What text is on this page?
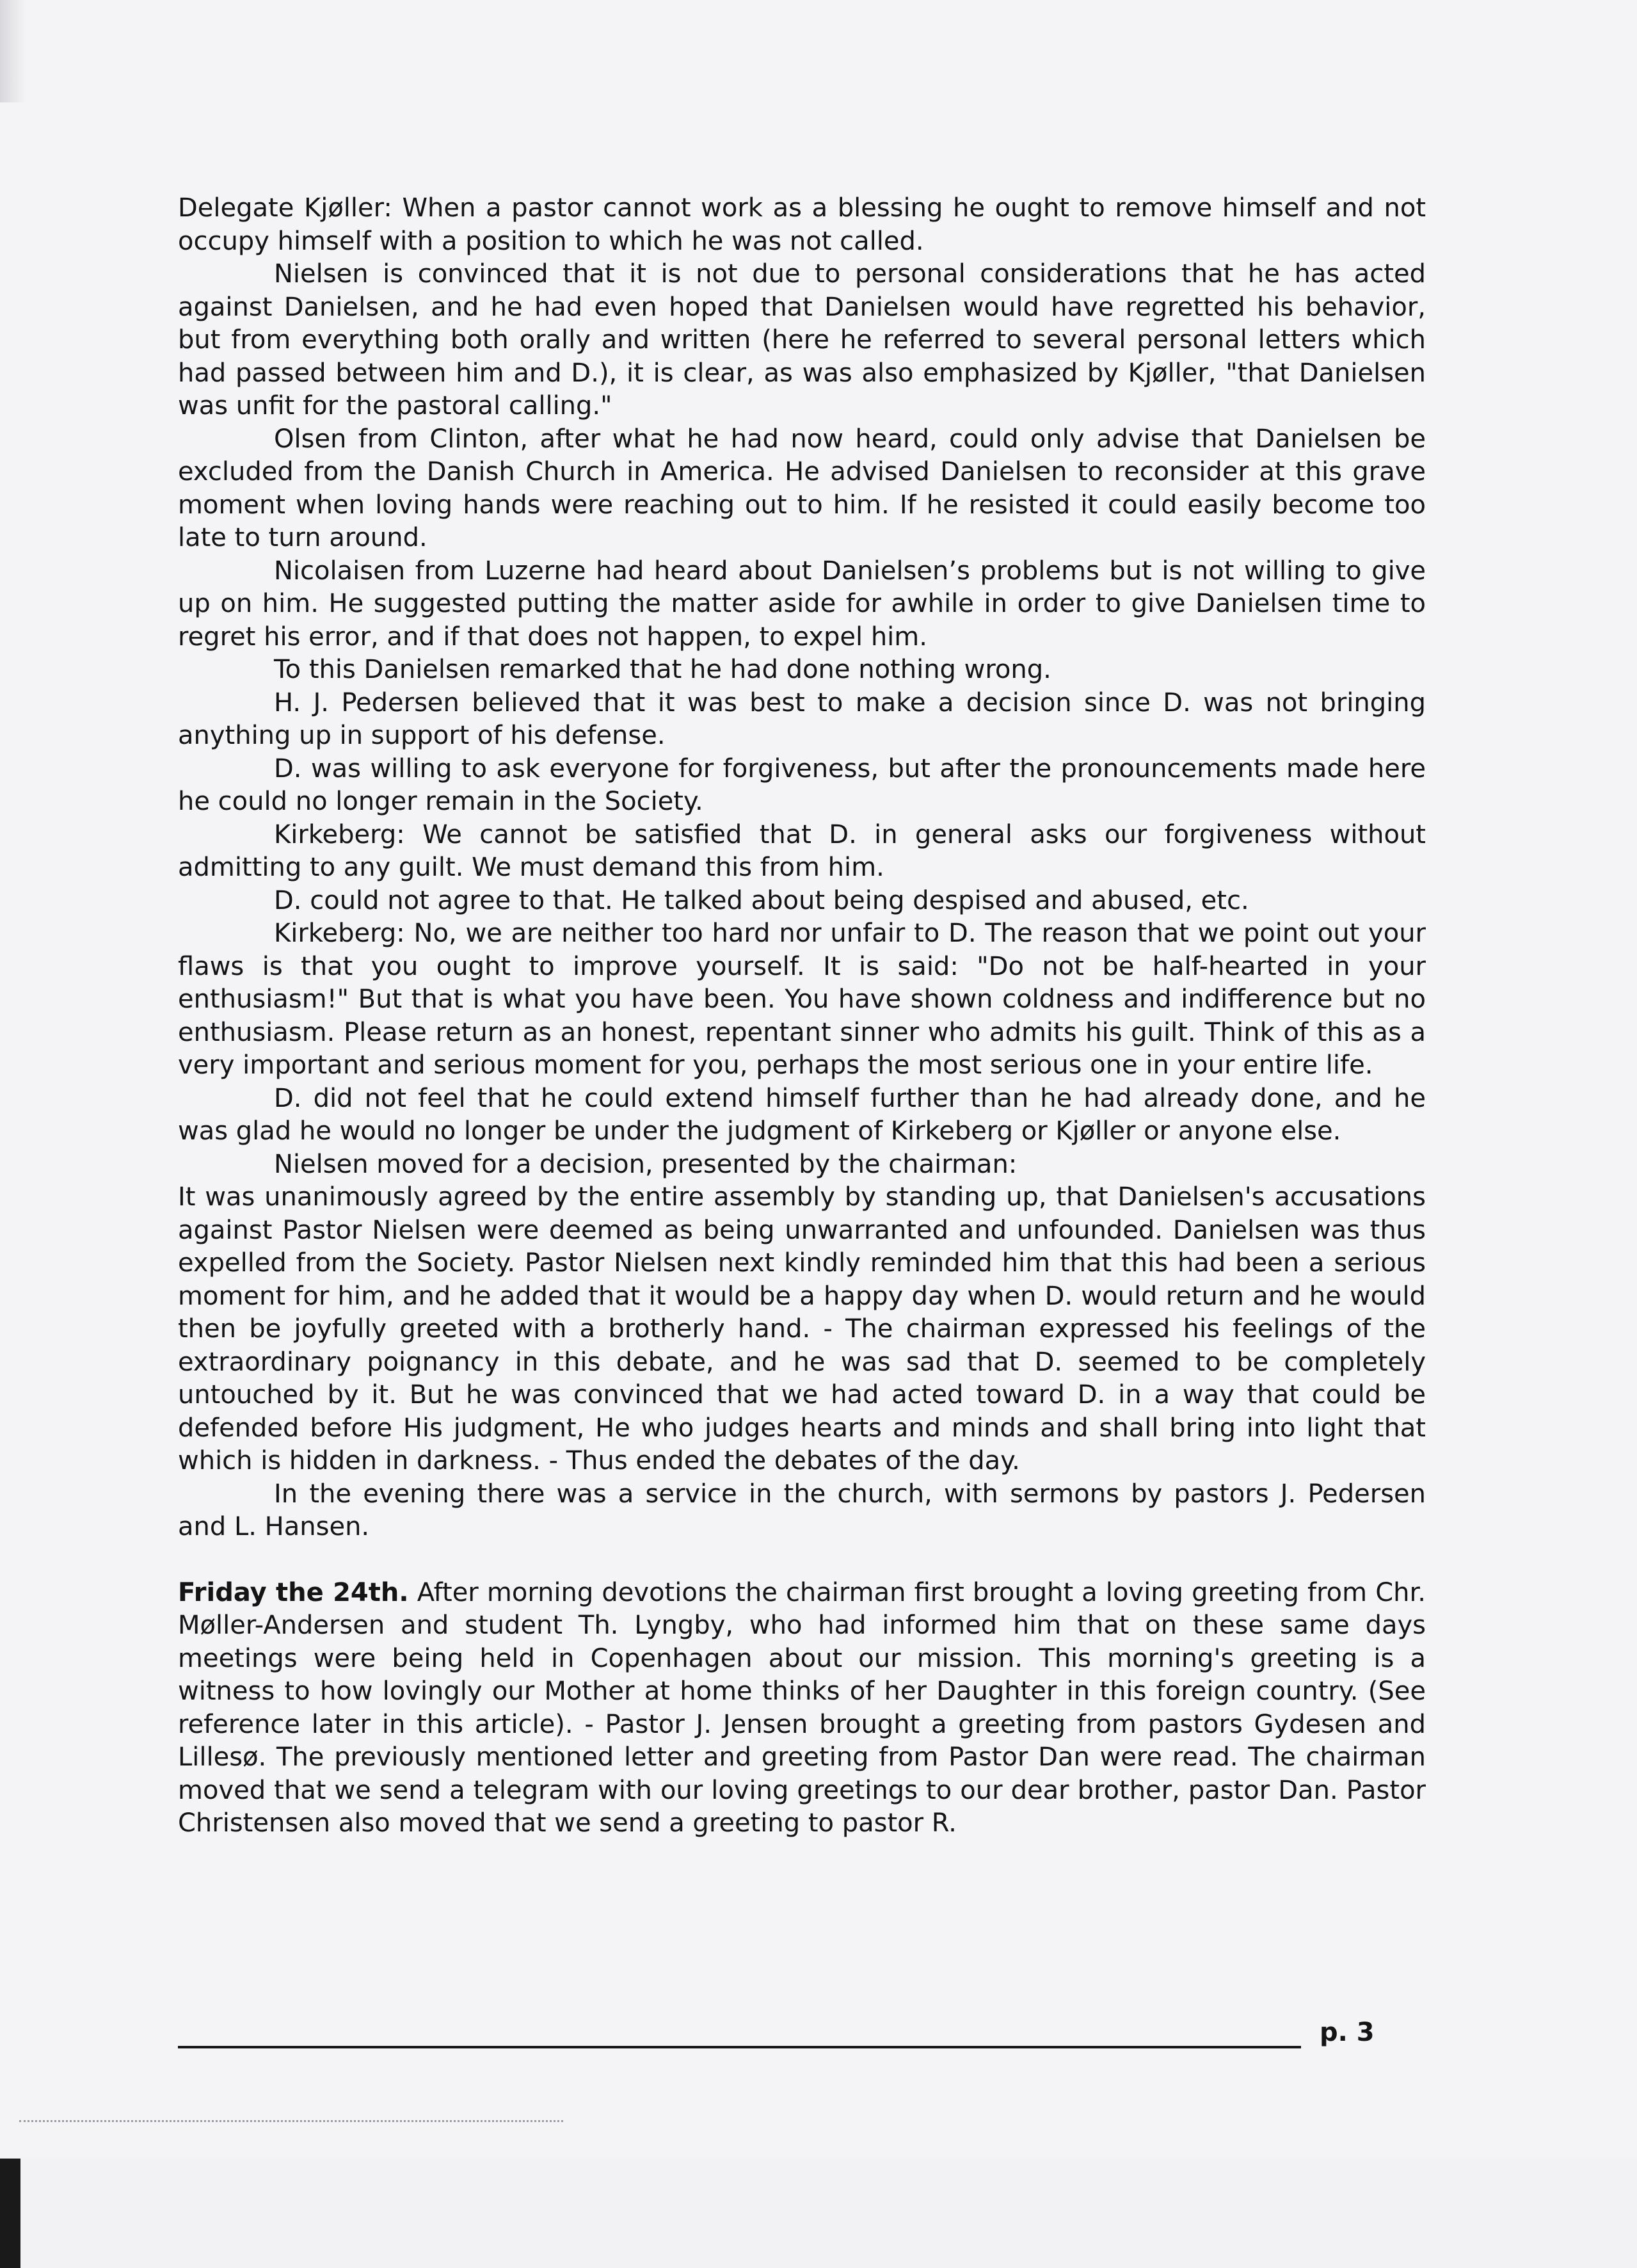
Delegate Kjøller: When a pastor cannot work as a blessing he ought to remove himself and not occupy himself with a position to which he was not called.

Nielsen is convinced that it is not due to personal considerations that he has acted against Danielsen, and he had even hoped that Danielsen would have regretted his behavior, but from everything both orally and written (here he referred to several personal letters which had passed between him and D.), it is clear, as was also emphasized by Kjøller, "that Danielsen was unfit for the pastoral calling."

Olsen from Clinton, after what he had now heard, could only advise that Danielsen be excluded from the Danish Church in America. He advised Danielsen to reconsider at this grave moment when loving hands were reaching out to him. If he resisted it could easily become too late to turn around.

Nicolaisen from Luzerne had heard about Danielsen’s problems but is not willing to give up on him. He suggested putting the matter aside for awhile in order to give Danielsen time to regret his error, and if that does not happen, to expel him.

To this Danielsen remarked that he had done nothing wrong.

H. J. Pedersen believed that it was best to make a decision since D. was not bringing anything up in support of his defense.

D. was willing to ask everyone for forgiveness, but after the pronouncements made here he could no longer remain in the Society.

Kirkeberg: We cannot be satisfied that D. in general asks our forgiveness without admitting to any guilt. We must demand this from him.

D. could not agree to that. He talked about being despised and abused, etc.

Kirkeberg: No, we are neither too hard nor unfair to D. The reason that we point out your flaws is that you ought to improve yourself. It is said: "Do not be half-hearted in your enthusiasm!" But that is what you have been. You have shown coldness and indifference but no enthusiasm. Please return as an honest, repentant sinner who admits his guilt. Think of this as a very important and serious moment for you, perhaps the most serious one in your entire life.

D. did not feel that he could extend himself further than he had already done, and he was glad he would no longer be under the judgment of Kirkeberg or Kjøller or anyone else.

Nielsen moved for a decision, presented by the chairman:

It was unanimously agreed by the entire assembly by standing up, that Danielsen's accusations against Pastor Nielsen were deemed as being unwarranted and unfounded. Danielsen was thus expelled from the Society. Pastor Nielsen next kindly reminded him that this had been a serious moment for him, and he added that it would be a happy day when D. would return and he would then be joyfully greeted with a brotherly hand. - The chairman expressed his feelings of the extraordinary poignancy in this debate, and he was sad that D. seemed to be completely untouched by it. But he was convinced that we had acted toward D. in a way that could be defended before His judgment, He who judges hearts and minds and shall bring into light that which is hidden in darkness. - Thus ended the debates of the day.

In the evening there was a service in the church, with sermons by pastors J. Pedersen and L. Hansen.

Friday the 24th. After morning devotions the chairman first brought a loving greeting from Chr. Møller-Andersen and student Th. Lyngby, who had informed him that on these same days meetings were being held in Copenhagen about our mission. This morning's greeting is a witness to how lovingly our Mother at home thinks of her Daughter in this foreign country. (See reference later in this article). - Pastor J. Jensen brought a greeting from pastors Gydesen and Lillesø. The previously mentioned letter and greeting from Pastor Dan were read. The chairman moved that we send a telegram with our loving greetings to our dear brother, pastor Dan. Pastor Christensen also moved that we send a greeting to pastor R.

p. 3
